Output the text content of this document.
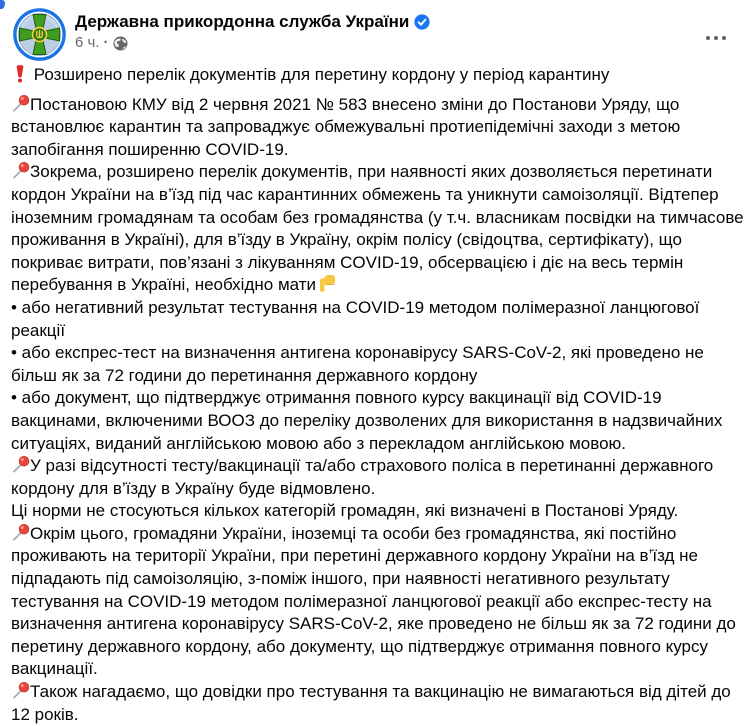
Державна прикордонна служба України
6 ч. ·
Розширено перелік документів для перетину кордону у період карантину
Постановою КМУ від 2 червня 2021 № 583 внесено зміни до Постанови Уряду, що встановлює карантин та запроваджує обмежувальні протиепідемічні заходи з метою запобігання поширенню COVID-19.
Зокрема, розширено перелік документів, при наявності яких дозволяється перетинати кордон України на в’їзд під час карантинних обмежень та уникнути самоізоляції. Відтепер іноземним громадянам та особам без громадянства (у т.ч. власникам посвідки на тимчасове проживання в Україні), для в’їзду в Україну, окрім полісу (свідоцтва, сертифікату), що покриває витрати, пов’язані з лікуванням COVID-19, обсервацією і діє на весь термін перебування в Україні, необхідно мати
• або негативний результат тестування на COVID-19 методом полімеразної ланцюгової реакції
• або експрес-тест на визначення антигена коронавірусу SARS-CoV-2, які проведено не більш як за 72 години до перетинання державного кордону
• або документ, що підтверджує отримання повного курсу вакцинації від COVID-19 вакцинами, включеними ВООЗ до переліку дозволених для використання в надзвичайних ситуаціях, виданий англійською мовою або з перекладом англійською мовою.
У разі відсутності тесту/вакцинації та/або страхового поліса в перетинанні державного кордону для в’їзду в Україну буде відмовлено.
Ці норми не стосуються кількох категорій громадян, які визначені в Постанові Уряду.
Окрім цього, громадяни України, іноземці та особи без громадянства, які постійно проживають на території України, при перетині державного кордону України на в’їзд не підпадають під самоізоляцію, з-поміж іншого, при наявності негативного результату тестування на COVID-19 методом полімеразної ланцюгової реакції або експрес-тесту на визначення антигена коронавірусу SARS-CoV-2, яке проведено не більш як за 72 години до перетину державного кордону, або документу, що підтверджує отримання повного курсу вакцинації.
Також нагадаємо, що довідки про тестування та вакцинацію не вимагаються від дітей до 12 років.
